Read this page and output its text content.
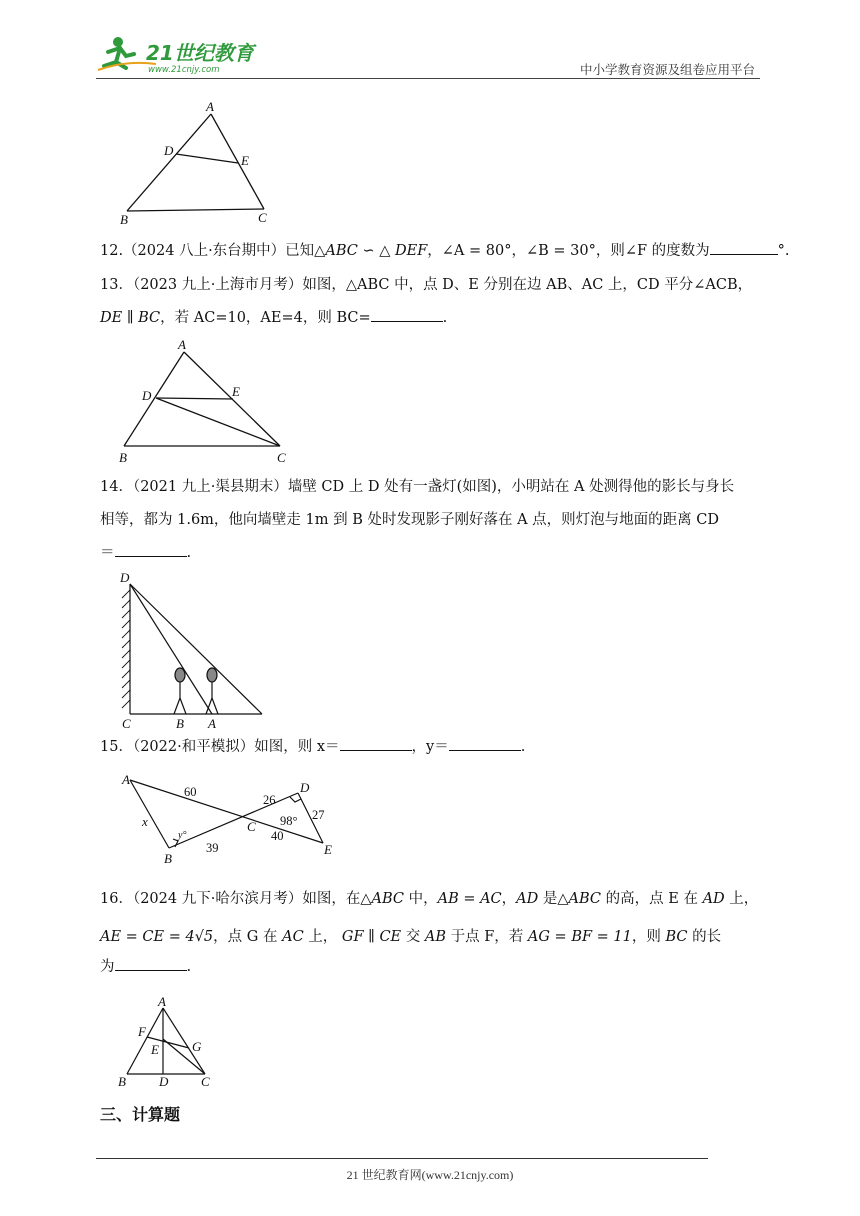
21世纪教育
www.21cnjy.com	中小学教育资源及组卷应用平台
A
D
E
B	C
12.（2024 八上·东台期中）已知△ABC ∽ △ DEF，∠A = 80°，∠B = 30°，则∠F 的度数为	°.
13．（2023 九上·上海市月考）如图，△ABC 中，点 D、E 分别在边 AB、AC 上，CD 平分∠ACB，
DE ∥ BC，若 AC=10，AE=4，则 BC=	.
A
D	E
B	C
14．（2021 九上·渠县期末）墙壁 CD 上 D 处有一盏灯(如图)，小明站在 A 处测得他的影长与身长
相等，都为 1.6m，他向墙壁走 1m 到 B 处时发现影子刚好落在 A 点，则灯泡与地面的距离 CD
＝	.
D
C	B A
15．（2022·和平模拟）如图，则 x＝	，y＝	.
A
B
C
D
E
x
y°
60
39
26
98° 27
40
16．（2024 九下·哈尔滨月考）如图，在△ABC 中，AB = AC，AD 是△ABC 的高，点 E 在 AD 上，
AE = CE = 4√5，点 G 在 AC 上， GF ∥ CE 交 AB 于点 F，若 AG = BF = 11，则 BC 的长
为	.
A
F
E	G
B	D	C
三、计算题
21 世纪教育网(www.21cnjy.com)
